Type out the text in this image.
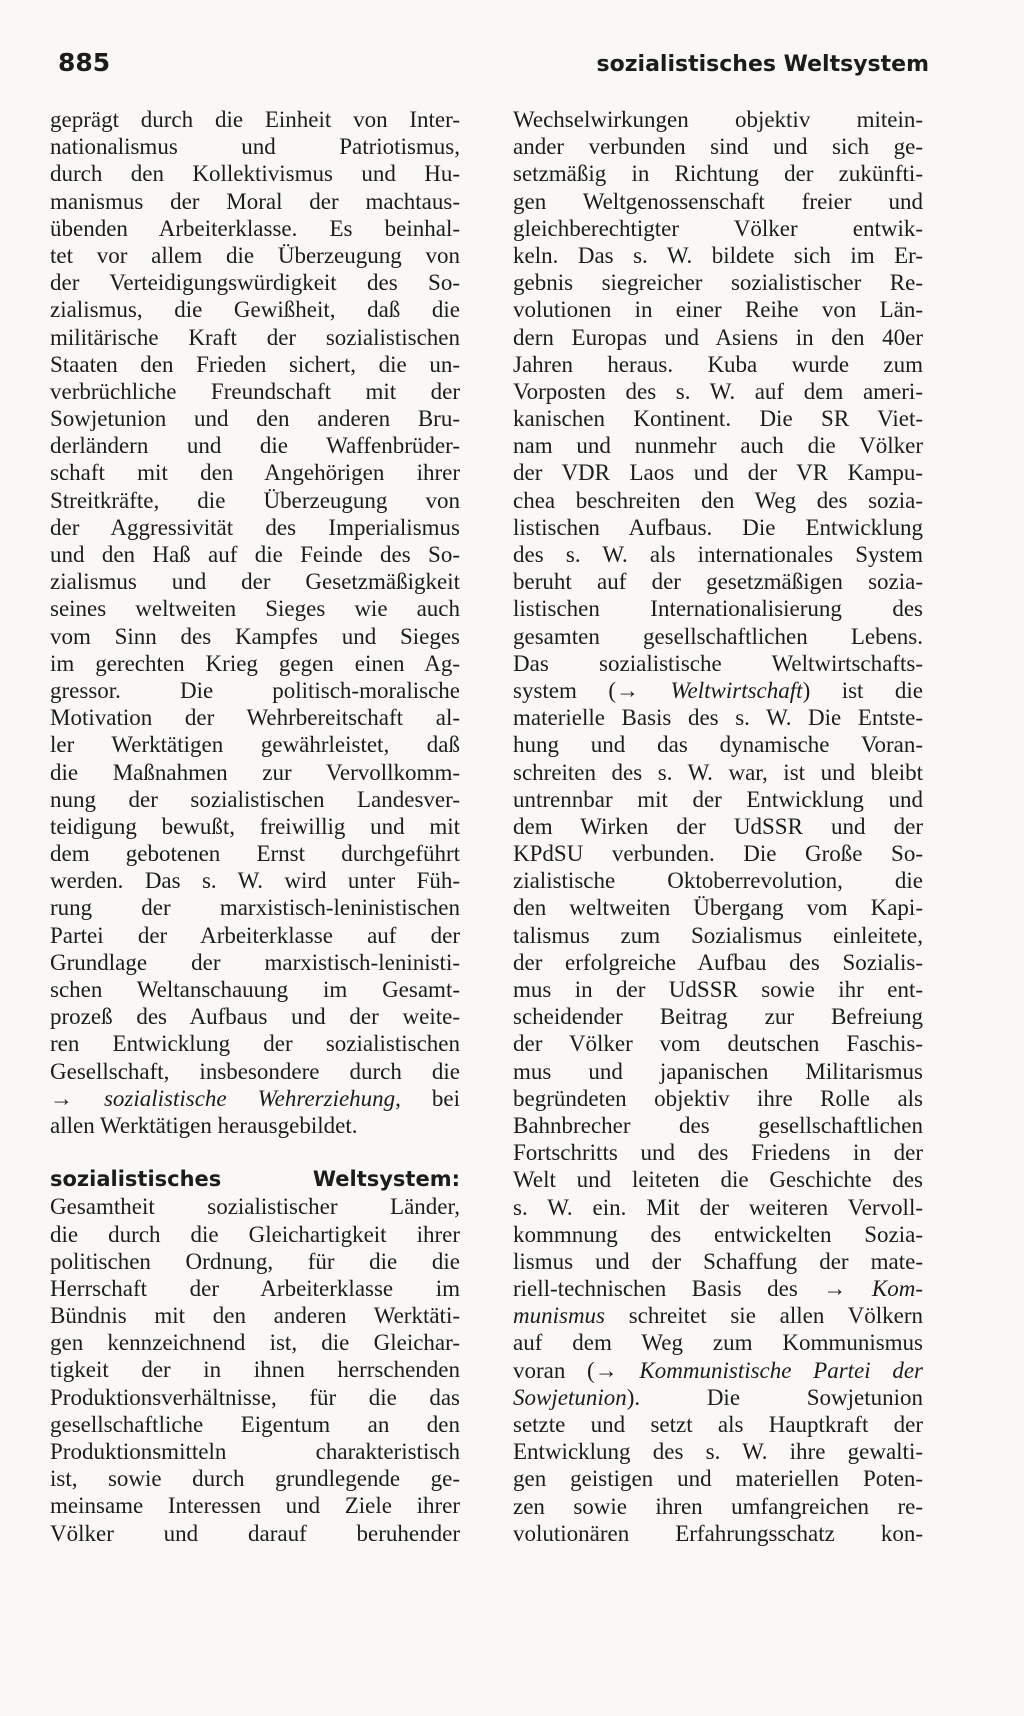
885	sozialistisches Weltsystem
geprägt durch die Einheit von Inter-
nationalismus und Patriotismus,
durch den Kollektivismus und Hu-
manismus der Moral der machtaus-
übenden Arbeiterklasse. Es beinhal-
tet vor allem die Überzeugung von
der Verteidigungswürdigkeit des So-
zialismus, die Gewißheit, daß die
militärische Kraft der sozialistischen
Staaten den Frieden sichert, die un-
verbrüchliche Freundschaft mit der
Sowjetunion und den anderen Bru-
derländern und die Waffenbrüder-
schaft mit den Angehörigen ihrer
Streitkräfte, die Überzeugung von
der Aggressivität des Imperialismus
und den Haß auf die Feinde des So-
zialismus und der Gesetzmäßigkeit
seines weltweiten Sieges wie auch
vom Sinn des Kampfes und Sieges
im gerechten Krieg gegen einen Ag-
gressor. Die politisch-moralische
Motivation der Wehrbereitschaft al-
ler Werktätigen gewährleistet, daß
die Maßnahmen zur Vervollkomm-
nung der sozialistischen Landesver-
teidigung bewußt, freiwillig und mit
dem gebotenen Ernst durchgeführt
werden. Das s. W. wird unter Füh-
rung der marxistisch-leninistischen
Partei der Arbeiterklasse auf der
Grundlage der marxistisch-leninisti-
schen Weltanschauung im Gesamt-
prozeß des Aufbaus und der weite-
ren Entwicklung der sozialistischen
Gesellschaft, insbesondere durch die
→ sozialistische Wehrerziehung, bei
allen Werktätigen herausgebildet.
sozialistisches	Weltsystem:
Gesamtheit sozialistischer Länder,
die durch die Gleichartigkeit ihrer
politischen Ordnung, für die die
Herrschaft der Arbeiterklasse im
Bündnis mit den anderen Werktäti-
gen kennzeichnend ist, die Gleichar-
tigkeit der in ihnen herrschenden
Produktionsverhältnisse, für die das
gesellschaftliche Eigentum an den
Produktionsmitteln charakteristisch
ist, sowie durch grundlegende ge-
meinsame Interessen und Ziele ihrer
Völker und darauf beruhender
Wechselwirkungen objektiv mitein-
ander verbunden sind und sich ge-
setzmäßig in Richtung der zukünfti-
gen Weltgenossenschaft freier und
gleichberechtigter Völker entwik-
keln. Das s. W. bildete sich im Er-
gebnis siegreicher sozialistischer Re-
volutionen in einer Reihe von Län-
dern Europas und Asiens in den 40er
Jahren heraus. Kuba wurde zum
Vorposten des s. W. auf dem ameri-
kanischen Kontinent. Die SR Viet-
nam und nunmehr auch die Völker
der VDR Laos und der VR Kampu-
chea beschreiten den Weg des sozia-
listischen Aufbaus. Die Entwicklung
des s. W. als internationales System
beruht auf der gesetzmäßigen sozia-
listischen Internationalisierung des
gesamten gesellschaftlichen Lebens.
Das sozialistische Weltwirtschafts-
system (→ Weltwirtschaft) ist die
materielle Basis des s. W. Die Entste-
hung und das dynamische Voran-
schreiten des s. W. war, ist und bleibt
untrennbar mit der Entwicklung und
dem Wirken der UdSSR und der
KPdSU verbunden. Die Große So-
zialistische Oktoberrevolution, die
den weltweiten Übergang vom Kapi-
talismus zum Sozialismus einleitete,
der erfolgreiche Aufbau des Sozialis-
mus in der UdSSR sowie ihr ent-
scheidender Beitrag zur Befreiung
der Völker vom deutschen Faschis-
mus und japanischen Militarismus
begründeten objektiv ihre Rolle als
Bahnbrecher des gesellschaftlichen
Fortschritts und des Friedens in der
Welt und leiteten die Geschichte des
s. W. ein. Mit der weiteren Vervoll-
kommnung des entwickelten Sozia-
lismus und der Schaffung der mate-
riell-technischen Basis des → Kom-
munismus schreitet sie allen Völkern
auf dem Weg zum Kommunismus
voran (→ Kommunistische Partei der
Sowjetunion). Die Sowjetunion
setzte und setzt als Hauptkraft der
Entwicklung des s. W. ihre gewalti-
gen geistigen und materiellen Poten-
zen sowie ihren umfangreichen re-
volutionären Erfahrungsschatz kon-
